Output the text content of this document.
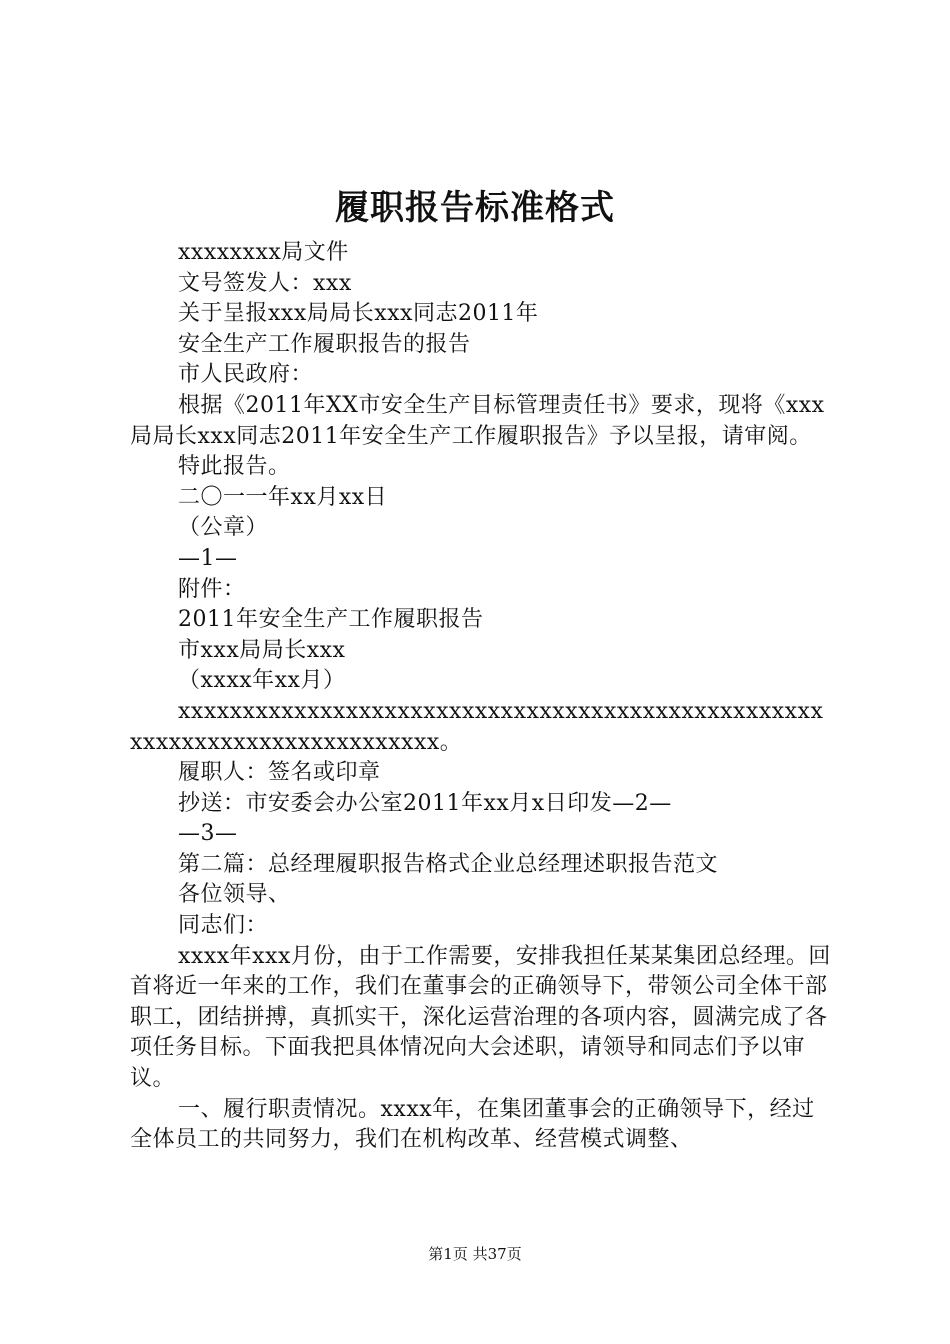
履职报告标准格式

xxxxxxxx局文件

文号签发人：xxx

关于呈报xxx局局长xxx同志2011年

安全生产工作履职报告的报告

市人民政府：

根据《2011年XX市安全生产目标管理责任书》要求，现将《xxx局局长xxx同志2011年安全生产工作履职报告》予以呈报，请审阅。

特此报告。

二〇一一年xx月xx日

（公章）

—1—

附件：

2011年安全生产工作履职报告

市xxx局局长xxx

（xxxx年xx月）

xxxxxxxxxxxxxxxxxxxxxxxxxxxxxxxxxxxxxxxxxxxxxxxxxxxxxxxxxxxxxxxxxxxxxxxxxx。

履职人：签名或印章

抄送：市安委会办公室2011年xx月x日印发—2—

—3—

第二篇：总经理履职报告格式企业总经理述职报告范文

各位领导、

同志们：

xxxx年xxx月份，由于工作需要，安排我担任某某集团总经理。回首将近一年来的工作，我们在董事会的正确领导下，带领公司全体干部职工，团结拼搏，真抓实干，深化运营治理的各项内容，圆满完成了各项任务目标。下面我把具体情况向大会述职，请领导和同志们予以审议。

一、履行职责情况。xxxx年，在集团董事会的正确领导下，经过全体员工的共同努力，我们在机构改革、经营模式调整、

第1页 共37页
